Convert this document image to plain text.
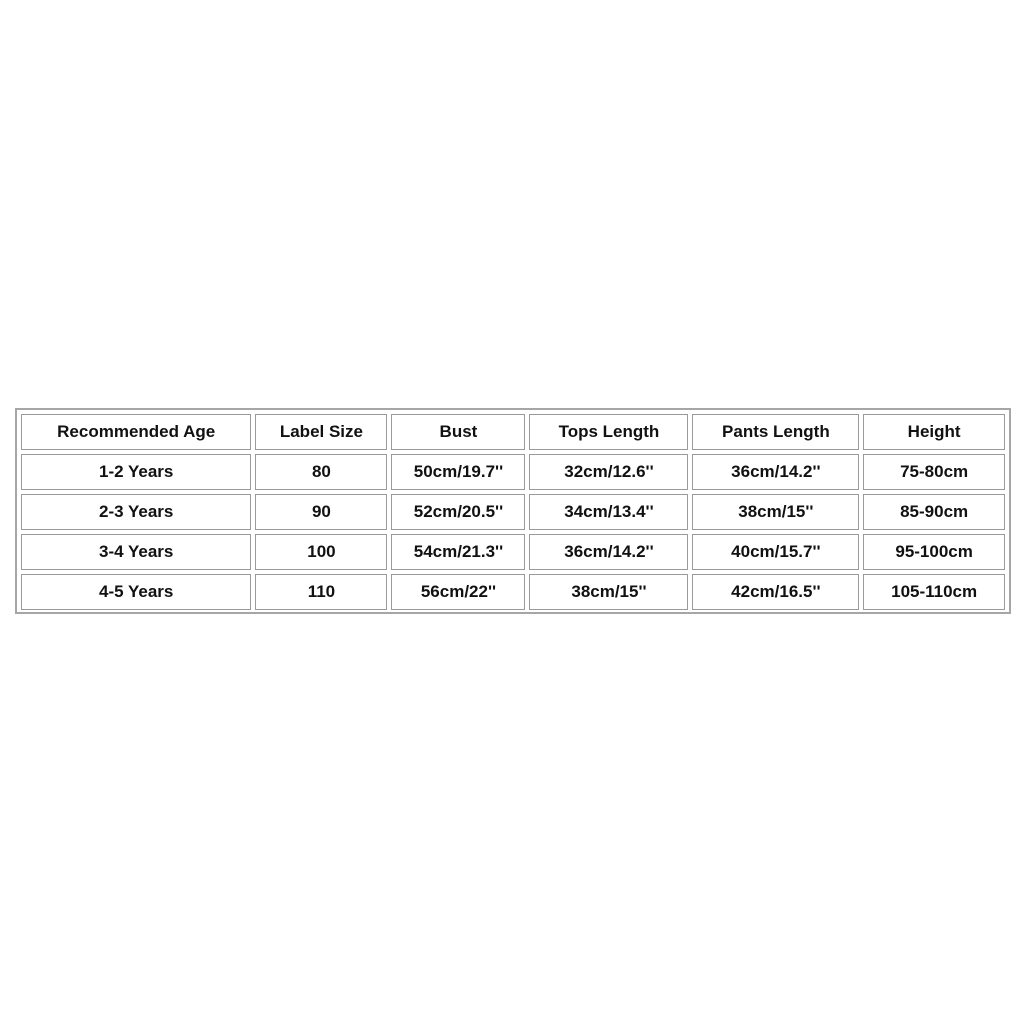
Recommended Age	Label Size	Bust	Tops Length	Pants Length	Height
1-2 Years	80	50cm/19.7''	32cm/12.6''	36cm/14.2''	75-80cm
2-3 Years	90	52cm/20.5''	34cm/13.4''	38cm/15''	85-90cm
3-4 Years	100	54cm/21.3''	36cm/14.2''	40cm/15.7''	95-100cm
4-5 Years	110	56cm/22''	38cm/15''	42cm/16.5''	105-110cm
